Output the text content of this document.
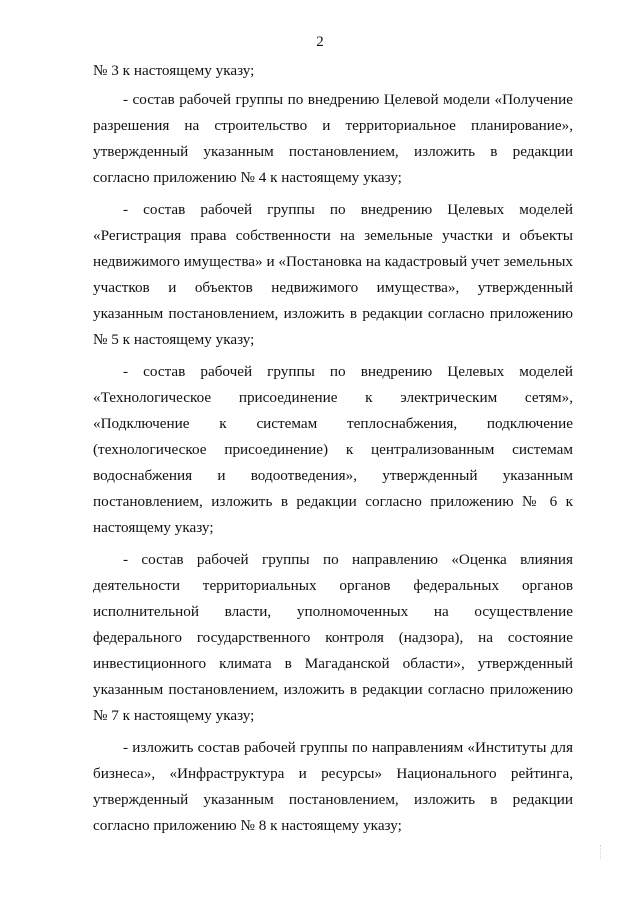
2

№ 3 к настоящему указу;

- состав рабочей группы по внедрению Целевой модели «Получение разрешения на строительство и территориальное планирование», утвержденный указанным постановлением, изложить в редакции согласно приложению № 4 к настоящему указу;

- состав рабочей группы по внедрению Целевых моделей «Регистрация права собственности на земельные участки и объекты недвижимого имущества» и «Постановка на кадастровый учет земельных участков и объектов недвижимого имущества», утвержденный указанным постановлением, изложить в редакции согласно приложению № 5 к настоящему указу;

- состав рабочей группы по внедрению Целевых моделей «Технологическое присоединение к электрическим сетям», «Подключение к системам теплоснабжения, подключение (технологическое присоединение) к централизованным системам водоснабжения и водоотведения», утвержденный указанным постановлением, изложить в редакции согласно приложению № 6 к настоящему указу;

- состав рабочей группы по направлению «Оценка влияния деятельности территориальных органов федеральных органов исполнительной власти, уполномоченных на осуществление федерального государственного контроля (надзора), на состояние инвестиционного климата в Магаданской области», утвержденный указанным постановлением, изложить в редакции согласно приложению № 7 к настоящему указу;

- изложить состав рабочей группы по направлениям «Институты для бизнеса», «Инфраструктура и ресурсы» Национального рейтинга, утвержденный указанным постановлением, изложить в редакции согласно приложению № 8 к настоящему указу;
